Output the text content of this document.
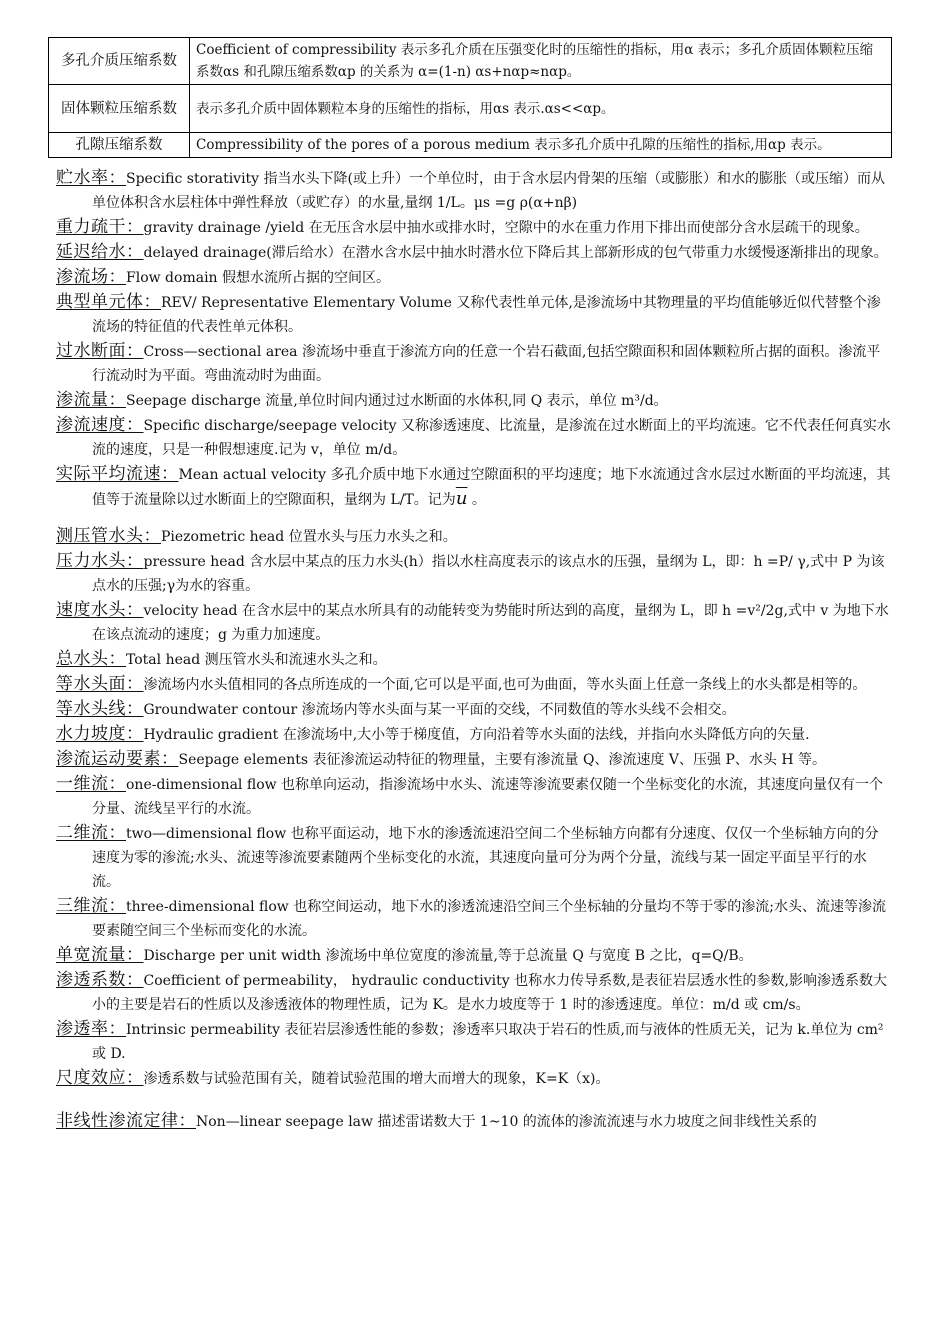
多孔介质压缩系数	Coefficient of compressibility 表示多孔介质在压强变化时的压缩性的指标，用α 表示；多孔介质固体颗粒压缩系数αs 和孔隙压缩系数αp 的关系为 α=(1-n) αs+nαp≈nαp。
固体颗粒压缩系数	表示多孔介质中固体颗粒本身的压缩性的指标，用αs 表示.αs<<αp。
孔隙压缩系数	Compressibility of the pores of a porous medium 表示多孔介质中孔隙的压缩性的指标,用αp 表示。

贮水率：Specific storativity 指当水头下降(或上升）一个单位时，由于含水层内骨架的压缩（或膨胀）和水的膨胀（或压缩）而从单位体积含水层柱体中弹性释放（或贮存）的水量,量纲 1/L。μs =g ρ(α+nβ)

重力疏干：gravity drainage /yield 在无压含水层中抽水或排水时，空隙中的水在重力作用下排出而使部分含水层疏干的现象。

延迟给水：delayed drainage(滞后给水）在潜水含水层中抽水时潜水位下降后其上部新形成的包气带重力水缓慢逐渐排出的现象。

渗流场：Flow domain 假想水流所占据的空间区。

典型单元体：REV/ Representative Elementary Volume 又称代表性单元体,是渗流场中其物理量的平均值能够近似代替整个渗流场的特征值的代表性单元体积。

过水断面：Cross—sectional area 渗流场中垂直于渗流方向的任意一个岩石截面,包括空隙面积和固体颗粒所占据的面积。渗流平行流动时为平面。弯曲流动时为曲面。

渗流量：Seepage discharge 流量,单位时间内通过过水断面的水体积,同 Q 表示，单位 m³/d。

渗流速度：Specific discharge/seepage velocity 又称渗透速度、比流量，是渗流在过水断面上的平均流速。它不代表任何真实水流的速度，只是一种假想速度.记为 v，单位 m/d。

实际平均流速：Mean actual velocity 多孔介质中地下水通过空隙面积的平均速度；地下水流通过含水层过水断面的平均流速，其值等于流量除以过水断面上的空隙面积，量纲为 L/T。记为$\overline{u}$ 。

测压管水头：Piezometric head 位置水头与压力水头之和。

压力水头：pressure head 含水层中某点的压力水头(h）指以水柱高度表示的该点水的压强，量纲为 L，即：h =P/ γ,式中 P 为该点水的压强;γ为水的容重。

速度水头：velocity head 在含水层中的某点水所具有的动能转变为势能时所达到的高度，量纲为 L，即 h =v²/2g,式中 v 为地下水在该点流动的速度；g 为重力加速度。

总水头：Total head 测压管水头和流速水头之和。

等水头面：渗流场内水头值相同的各点所连成的一个面,它可以是平面,也可为曲面，等水头面上任意一条线上的水头都是相等的。

等水头线：Groundwater contour 渗流场内等水头面与某一平面的交线，不同数值的等水头线不会相交。

水力坡度：Hydraulic gradient 在渗流场中,大小等于梯度值，方向沿着等水头面的法线，并指向水头降低方向的矢量.

渗流运动要素：Seepage elements 表征渗流运动特征的物理量，主要有渗流量 Q、渗流速度 V、压强 P、水头 H 等。

一维流：one-dimensional flow 也称单向运动，指渗流场中水头、流速等渗流要素仅随一个坐标变化的水流，其速度向量仅有一个分量、流线呈平行的水流。

二维流：two—dimensional flow 也称平面运动，地下水的渗透流速沿空间二个坐标轴方向都有分速度、仅仅一个坐标轴方向的分速度为零的渗流;水头、流速等渗流要素随两个坐标变化的水流，其速度向量可分为两个分量，流线与某一固定平面呈平行的水流。

三维流：three-dimensional flow 也称空间运动，地下水的渗透流速沿空间三个坐标轴的分量均不等于零的渗流;水头、流速等渗流要素随空间三个坐标而变化的水流。

单宽流量：Discharge per unit width 渗流场中单位宽度的渗流量,等于总流量 Q 与宽度 B 之比，q=Q/B。

渗透系数：Coefficient of permeability， hydraulic conductivity 也称水力传导系数,是表征岩层透水性的参数,影响渗透系数大小的主要是岩石的性质以及渗透液体的物理性质，记为 K。是水力坡度等于 1 时的渗透速度。单位：m/d 或 cm/s。

渗透率：Intrinsic permeability 表征岩层渗透性能的参数；渗透率只取决于岩石的性质,而与液体的性质无关，记为 k.单位为 cm² 或 D.

尺度效应：渗透系数与试验范围有关，随着试验范围的增大而增大的现象，K=K（x)。

非线性渗流定律：Non—linear seepage law 描述雷诺数大于 1~10 的流体的渗流流速与水力坡度之间非线性关系的
